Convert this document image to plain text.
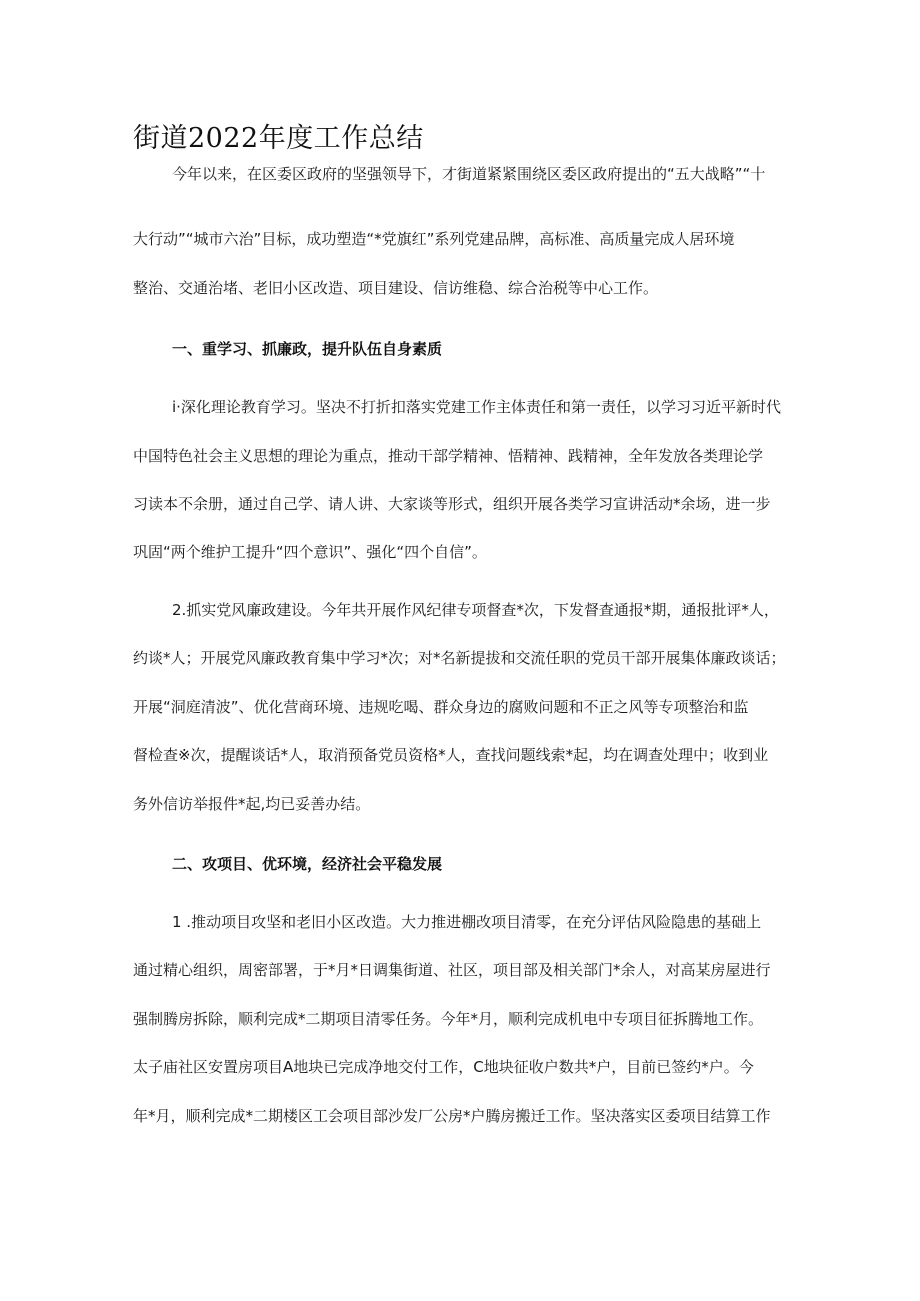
街道2022年度工作总结
今年以来，在区委区政府的坚强领导下，才街道紧紧围绕区委区政府提出的“五大战略”“十
大行动”“城市六治”目标，成功塑造“*党旗红”系列党建品牌，高标准、高质量完成人居环境
整治、交通治堵、老旧小区改造、项目建设、信访维稳、综合治税等中心工作。
一、重学习、抓廉政，提升队伍自身素质
i·深化理论教育学习。坚决不打折扣落实党建工作主体责任和第一责任，以学习习近平新时代
中国特色社会主义思想的理论为重点，推动干部学精神、悟精神、践精神，全年发放各类理论学
习读本不余册，通过自己学、请人讲、大家谈等形式，组织开展各类学习宣讲活动*余场，进一步
巩固“两个维护工提升“四个意识”、强化“四个自信”。
2.抓实党风廉政建设。今年共开展作风纪律专项督查*次，下发督查通报*期，通报批评*人，
约谈*人；开展党风廉政教育集中学习*次；对*名新提拔和交流任职的党员干部开展集体廉政谈话；
开展“洞庭清波”、优化营商环境、违规吃喝、群众身边的腐败问题和不正之风等专项整治和监
督检查※次，提醒谈话*人，取消预备党员资格*人，查找问题线索*起，均在调查处理中；收到业
务外信访举报件*起,均已妥善办结。
二、攻项目、优环境，经济社会平稳发展
1 .推动项目攻坚和老旧小区改造。大力推进棚改项目清零，在充分评估风险隐患的基础上
通过精心组织，周密部署，于*月*日调集街道、社区，项目部及相关部门*余人，对高某房屋进行
强制腾房拆除，顺利完成*二期项目清零任务。今年*月，顺利完成机电中专项目征拆腾地工作。
太子庙社区安置房项目A地块已完成净地交付工作，C地块征收户数共*户，目前已签约*户。今
年*月，顺利完成*二期楼区工会项目部沙发厂公房*户腾房搬迁工作。坚决落实区委项目结算工作
